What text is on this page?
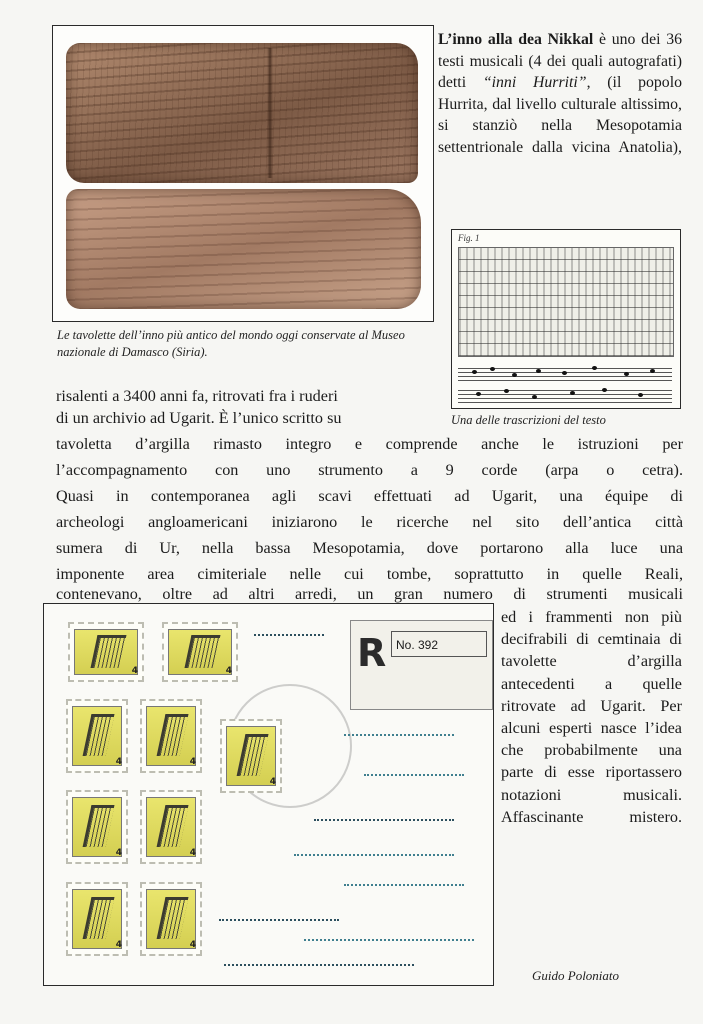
Le tavolette dell’inno più antico del mondo oggi conservate al Museo nazionale di Damasco (Siria).

L’inno alla dea Nikkal è uno dei 36 testi musicali (4 dei quali autografati) detti “inni Hurriti”, (il popolo Hurrita, dal livello culturale altissimo, si stanziò nella Mesopotamia settentrionale dalla vicina Anatolia),

Fig. 1

Una delle trascrizioni del testo

risalenti a 3400 anni fa, ritrovati fra i ruderi

di un archivio ad Ugarit. È l’unico scritto su

tavoletta d’argilla rimasto integro e comprende anche le istruzioni per

l’accompagnamento con uno strumento a 9 corde (arpa o cetra).

Quasi in contemporanea agli scavi effettuati ad Ugarit, una équipe di

archeologi angloamericani iniziarono le ricerche nel sito dell’antica città

sumera di Ur, nella bassa Mesopotamia, dove portarono alla luce una

imponente area cimiteriale nelle cui tombe, soprattutto in quelle Reali,

contenevano, oltre ad altri arredi, un gran numero di strumenti musicali

4	4
4	4
4
4	4
4	4
R No. 392

ed i frammenti non più decifrabili di cemtinaia di tavolette d’argilla antecedenti a quelle ritrovate ad Ugarit. Per alcuni esperti nasce l’idea che probabilmente una parte di esse riportassero notazioni musicali. Affascinante mistero.

Guido Poloniato
